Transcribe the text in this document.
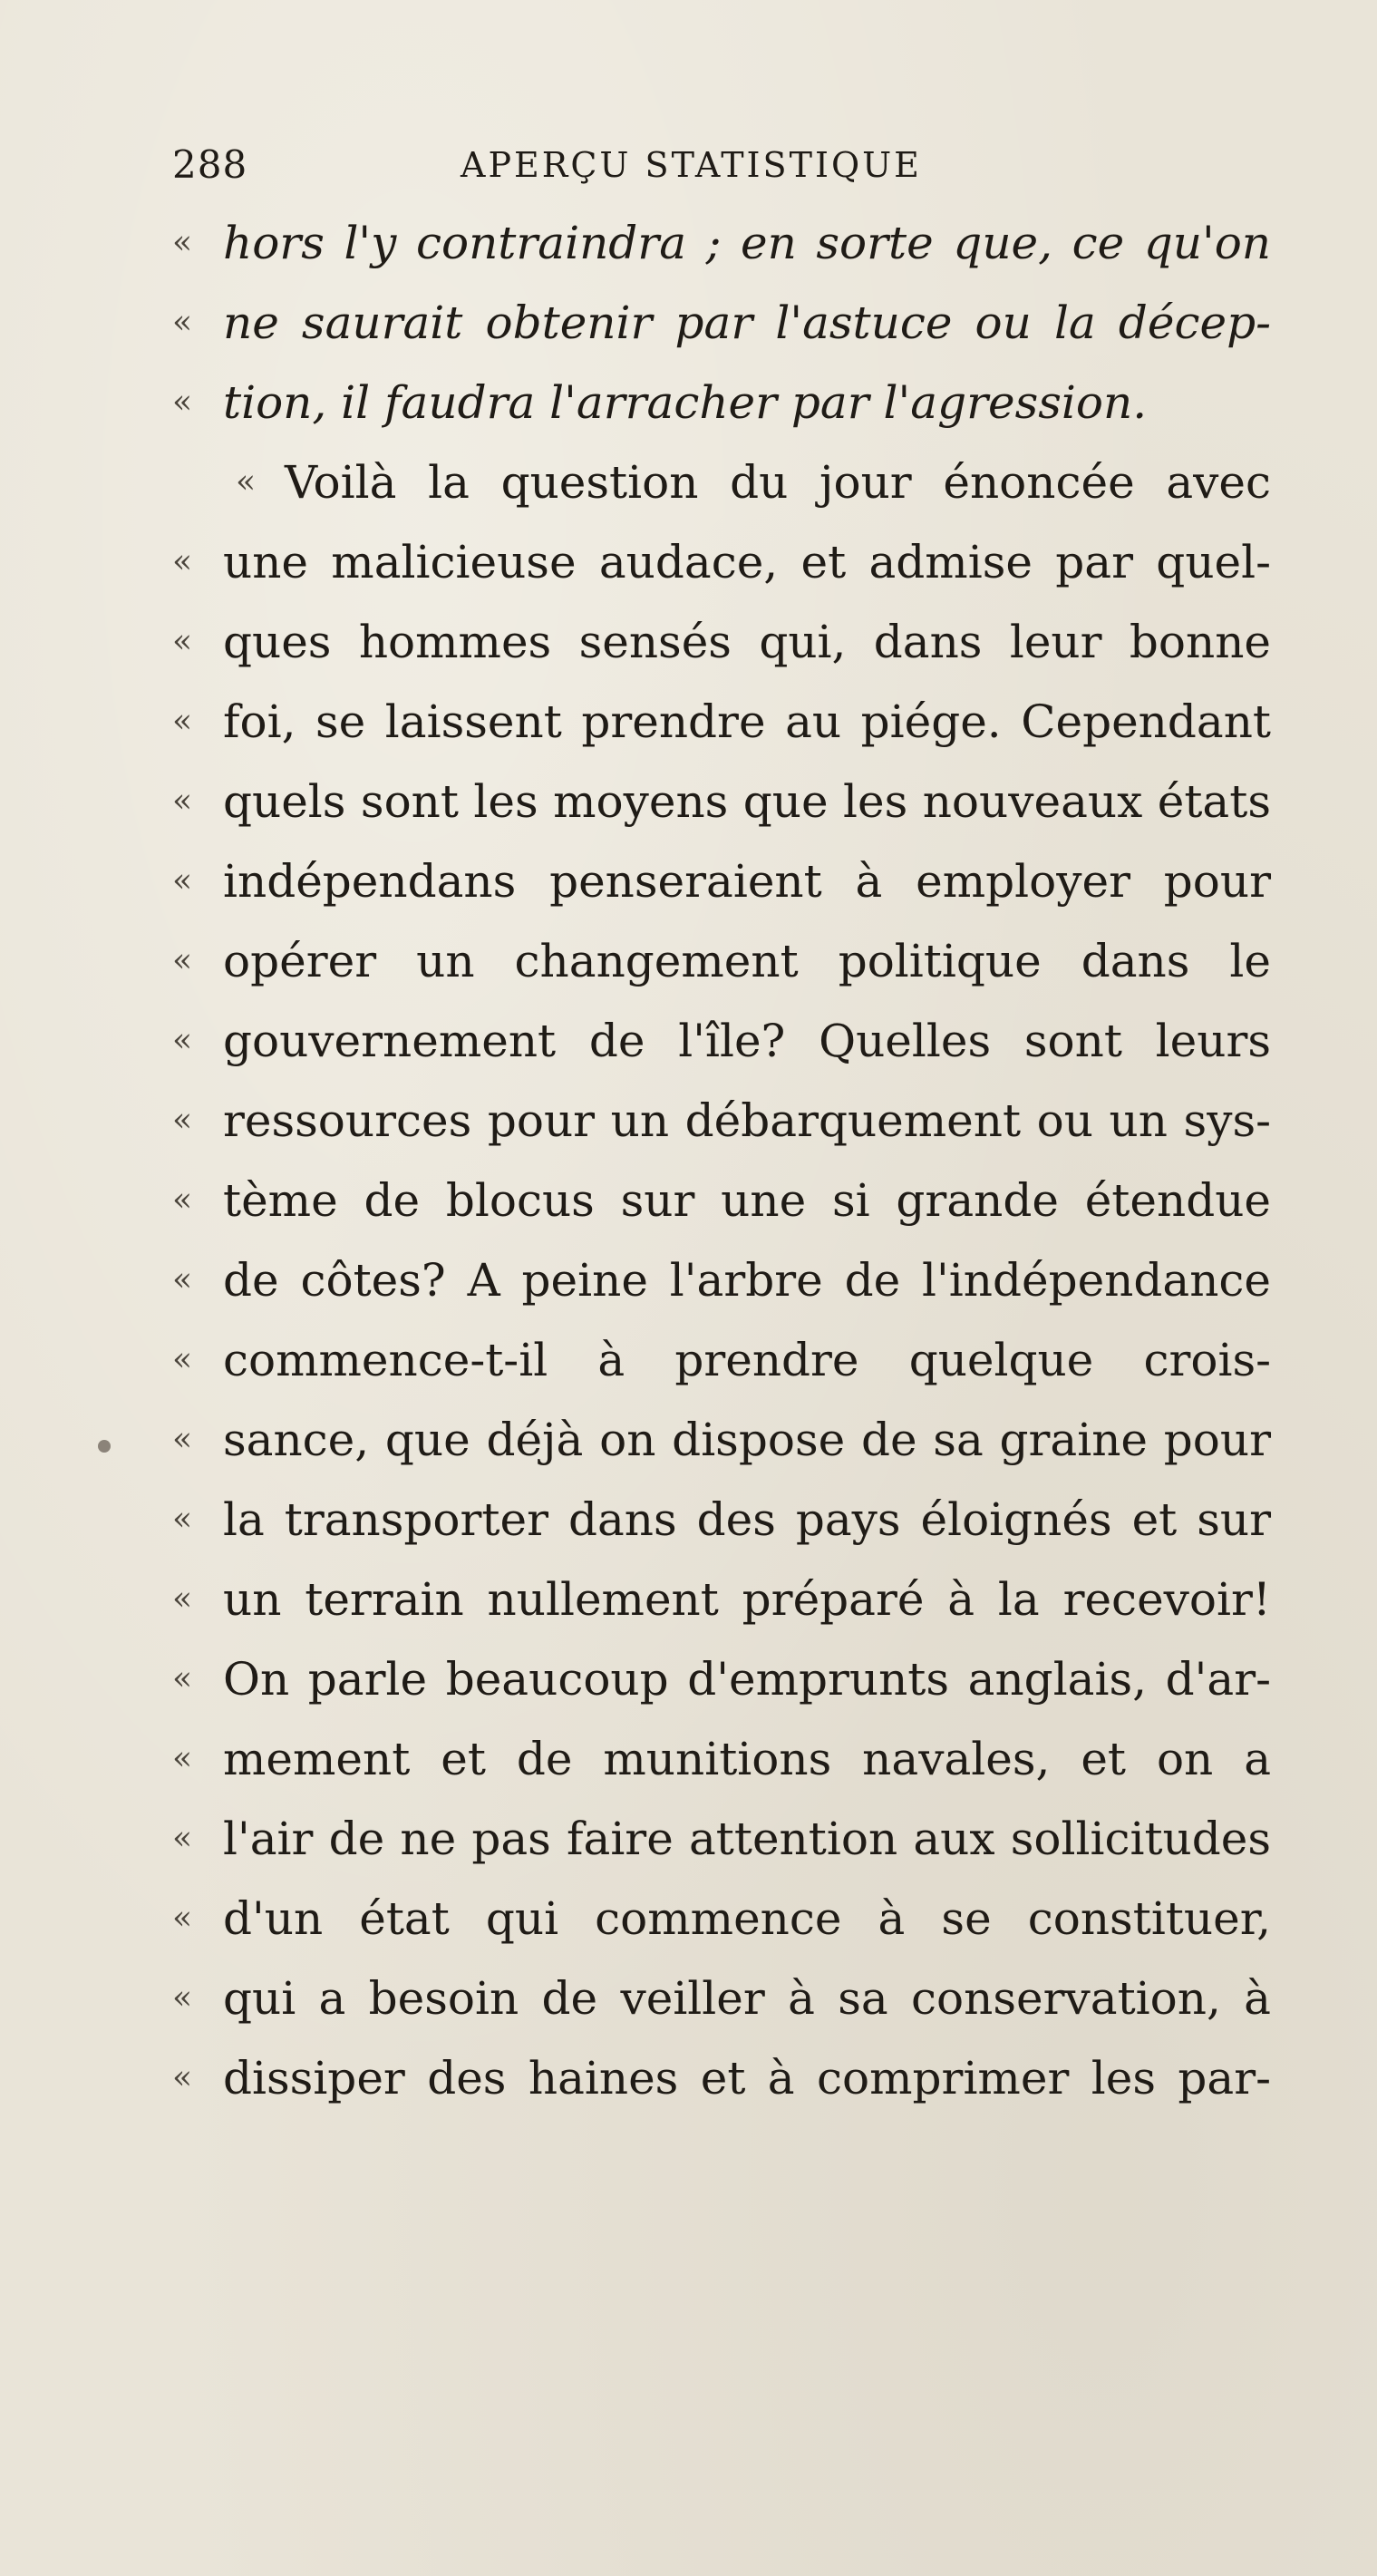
288	APERÇU STATISTIQUE
« hors l'y contraindra ; en sorte que, ce qu'on
« ne saurait obtenir par l'astuce ou la décep-
« tion, il faudra l'arracher par l'agression.
« Voilà la question du jour énoncée avec
« une malicieuse audace, et admise par quel-
« ques hommes sensés qui, dans leur bonne
« foi, se laissent prendre au piége. Cependant
« quels sont les moyens que les nouveaux états
« indépendans penseraient à employer pour
« opérer un changement politique dans le
« gouvernement de l'île? Quelles sont leurs
« ressources pour un débarquement ou un sys-
« tème de blocus sur une si grande étendue
« de côtes? A peine l'arbre de l'indépendance
« commence-t-il à prendre quelque crois-
« sance, que déjà on dispose de sa graine pour
« la transporter dans des pays éloignés et sur
« un terrain nullement préparé à la recevoir!
« On parle beaucoup d'emprunts anglais, d'ar-
« mement et de munitions navales, et on a
« l'air de ne pas faire attention aux sollicitudes
« d'un état qui commence à se constituer,
« qui a besoin de veiller à sa conservation, à
« dissiper des haines et à comprimer les par-
